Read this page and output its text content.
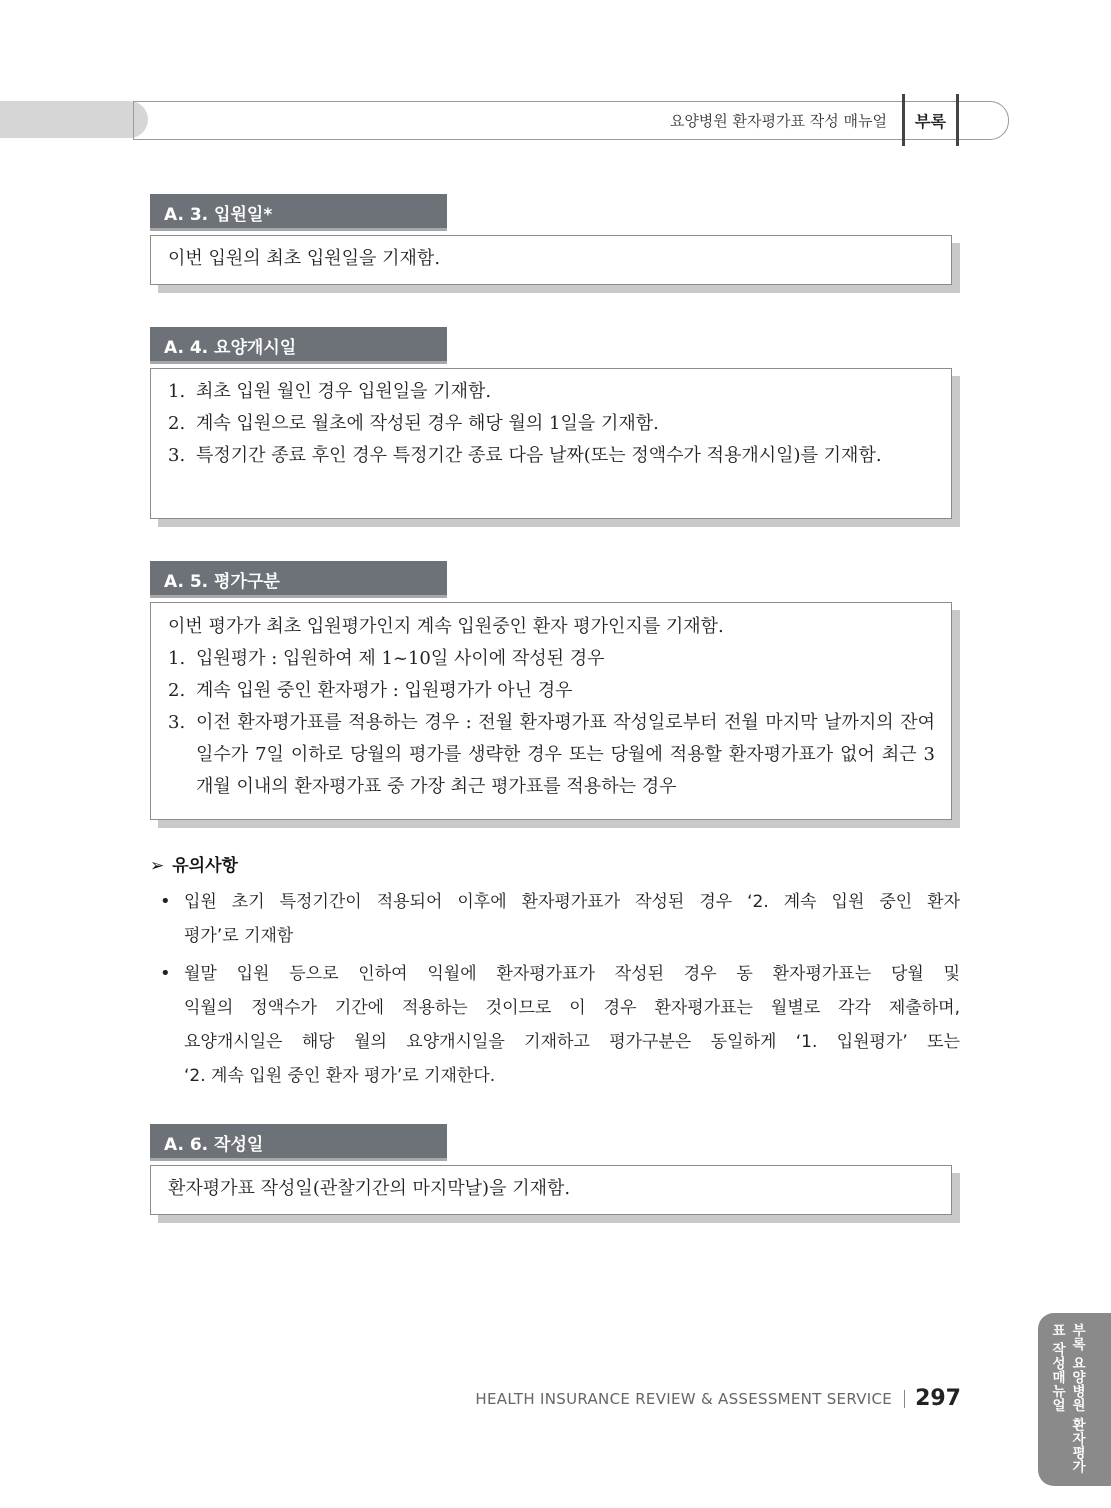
요양병원 환자평가표 작성 매뉴얼	부록
A. 3. 입원일*

이번 입원의 최초 입원일을 기재함.

A. 4. 요양개시일
1. 최초 입원 월인 경우 입원일을 기재함.
2. 계속 입원으로 월초에 작성된 경우 해당 월의 1일을 기재함.
3. 특정기간 종료 후인 경우 특정기간 종료 다음 날짜(또는 정액수가 적용개시일)를 기재함.
A. 5. 평가구분

이번 평가가 최초 입원평가인지 계속 입원중인 환자 평가인지를 기재함.

1. 입원평가 : 입원하여 제 1~10일 사이에 작성된 경우
2. 계속 입원 중인 환자평가 : 입원평가가 아닌 경우
3. 이전 환자평가표를 적용하는 경우 : 전월 환자평가표 작성일로부터 전월 마지막 날까지의 잔여일수가 7일 이하로 당월의 평가를 생략한 경우 또는 당월에 적용할 환자평가표가 없어 최근 3개월 이내의 환자평가표 중 가장 최근 평가표를 적용하는 경우
➢ 유의사항
• 입원 초기 특정기간이 적용되어 이후에 환자평가표가 작성된 경우 ‘2. 계속 입원 중인 환자
평가’로 기재함
• 월말 입원 등으로 인하여 익월에 환자평가표가 작성된 경우 동 환자평가표는 당월 및
익월의 정액수가 기간에 적용하는 것이므로 이 경우 환자평가표는 월별로 각각 제출하며,
요양개시일은 해당 월의 요양개시일을 기재하고 평가구분은 동일하게 ‘1. 입원평가’ 또는
‘2. 계속 입원 중인 환자 평가’로 기재한다.
A. 6. 작성일

환자평가표 작성일(관찰기간의 마지막날)을 기재함.

부록 요양병원 환자평가표 작성매뉴얼
HEALTH INSURANCE REVIEW & ASSESSMENT SERVICE 297
